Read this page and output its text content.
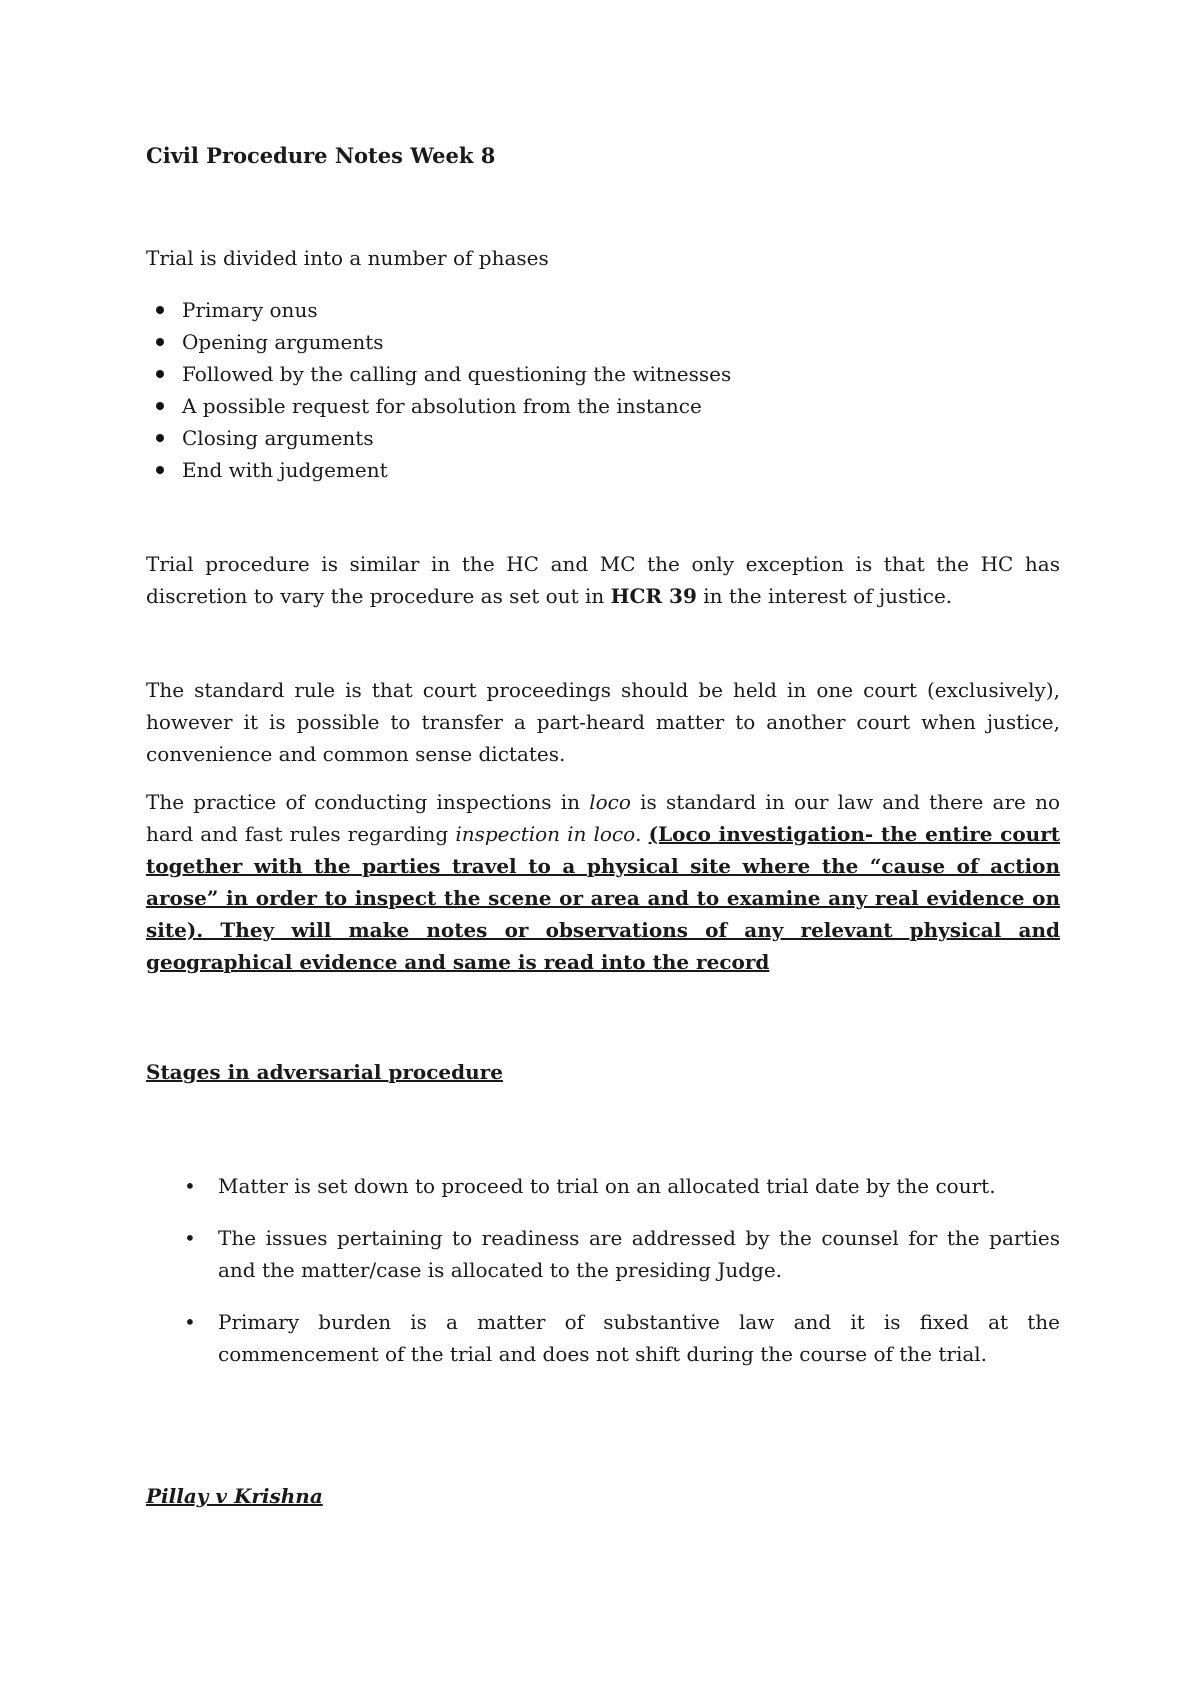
Civil Procedure Notes Week 8

Trial is divided into a number of phases

Primary onus
Opening arguments
Followed by the calling and questioning the witnesses
A possible request for absolution from the instance
Closing arguments
End with judgement

Trial procedure is similar in the HC and MC the only exception is that the HC has discretion to vary the procedure as set out in HCR 39 in the interest of justice.

The standard rule is that court proceedings should be held in one court (exclusively), however it is possible to transfer a part-heard matter to another court when justice, convenience and common sense dictates.

The practice of conducting inspections in loco is standard in our law and there are no hard and fast rules regarding inspection in loco. (Loco investigation- the entire court together with the parties travel to a physical site where the “cause of action arose” in order to inspect the scene or area and to examine any real evidence on site). They will make notes or observations of any relevant physical and geographical evidence and same is read into the record

Stages in adversarial procedure

• Matter is set down to proceed to trial on an allocated trial date by the court.
• The issues pertaining to readiness are addressed by the counsel for the parties and the matter/case is allocated to the presiding Judge.
• Primary burden is a matter of substantive law and it is fixed at the commencement of the trial and does not shift during the course of the trial.

Pillay v Krishna
